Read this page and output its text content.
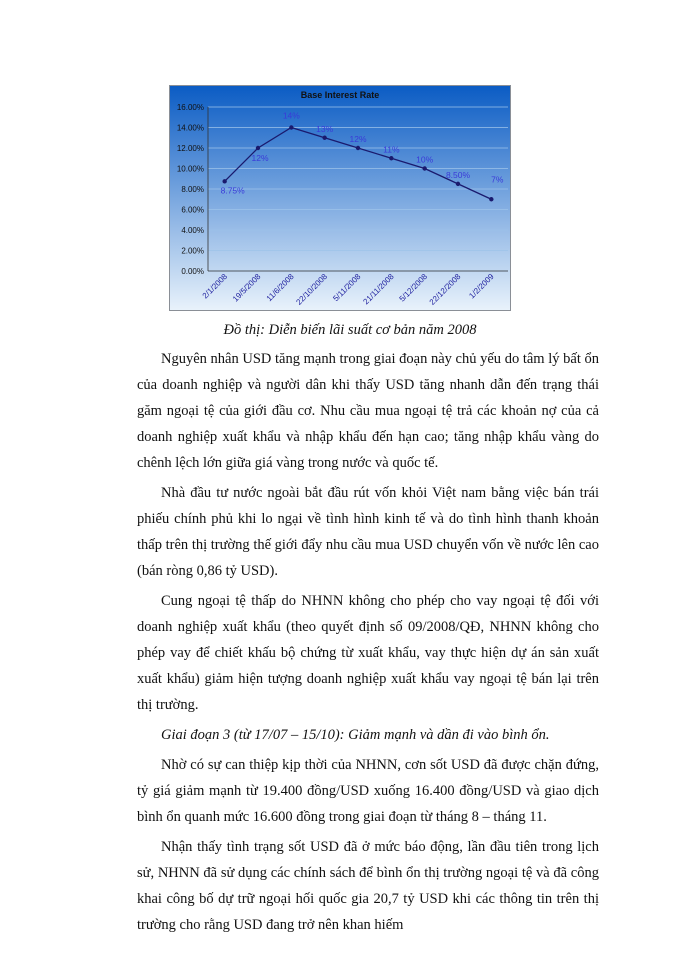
Base Interest Rate
0.00%
2.00%
4.00%
6.00%
8.00%
10.00%
12.00%
14.00%
16.00%
2/1/2008 19/5/2008 11/6/2008
22/10/2008 5/11/2008 21/11/2008 5/12/2008
22/12/2008 1/2/2009
8.75%
12%
14%
13%
12%
11%
10%
8.50% 7%
Đồ thị: Diễn biến lãi suất cơ bản năm 2008

Nguyên nhân USD tăng mạnh trong giai đoạn này chủ yếu do tâm lý bất ổn của doanh nghiệp và người dân khi thấy USD tăng nhanh dẫn đến trạng thái găm ngoại tệ của giới đầu cơ. Nhu cầu mua ngoại tệ trả các khoản nợ của cả doanh nghiệp xuất khẩu và nhập khẩu đến hạn cao; tăng nhập khẩu vàng do chênh lệch lớn giữa giá vàng trong nước và quốc tế.

Nhà đầu tư nước ngoài bắt đầu rút vốn khỏi Việt nam bằng việc bán trái phiếu chính phủ khi lo ngại về tình hình kinh tế và do tình hình thanh khoản thấp trên thị trường thế giới đẩy nhu cầu mua USD chuyển vốn về nước lên cao (bán ròng 0,86 tỷ USD).

Cung ngoại tệ thấp do NHNN không cho phép cho vay ngoại tệ đối với doanh nghiệp xuất khẩu (theo quyết định số 09/2008/QĐ, NHNN không cho phép vay để chiết khấu bộ chứng từ xuất khẩu, vay thực hiện dự án sản xuất xuất khẩu) giảm hiện tượng doanh nghiệp xuất khẩu vay ngoại tệ bán lại trên thị trường.

Giai đoạn 3 (từ 17/07 – 15/10): Giảm mạnh và dần đi vào bình ổn.

Nhờ có sự can thiệp kịp thời của NHNN, cơn sốt USD đã được chặn đứng, tỷ giá giảm mạnh từ 19.400 đồng/USD xuống 16.400 đồng/USD và giao dịch bình ổn quanh mức 16.600 đồng trong giai đoạn từ tháng 8 – tháng 11.

Nhận thấy tình trạng sốt USD đã ở mức báo động, lần đầu tiên trong lịch sử, NHNN đã sử dụng các chính sách để bình ổn thị trường ngoại tệ và đã công khai công bố dự trữ ngoại hối quốc gia 20,7 tỷ USD khi các thông tin trên thị trường cho rằng USD đang trở nên khan hiếm
